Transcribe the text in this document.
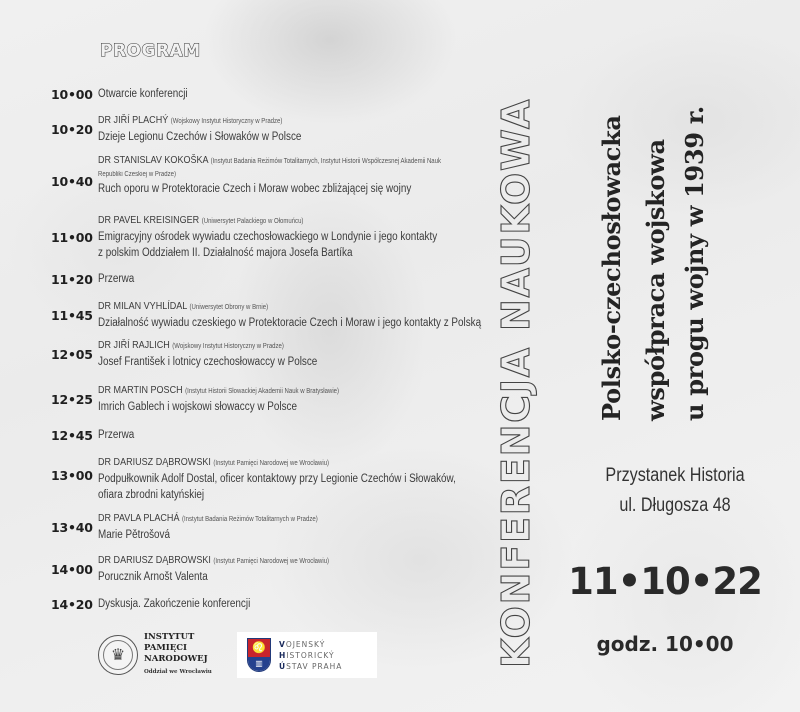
PROGRAM
10•00 Otwarcie konferencji
10•20
DR JIŘÍ PLACHÝ (Wojskowy Instytut Historyczny w Pradze)
Dzieje Legionu Czechów i Słowaków w Polsce
10•40
DR STANISLAV KOKOŠKA (Instytut Badania Reżimów Totalitarnych, Instytut Historii Współczesnej Akademii Nauk
Republiki Czeskiej w Pradze)
Ruch oporu w Protektoracie Czech i Moraw wobec zbliżającej się wojny
11•00
DR PAVEL KREISINGER (Uniwersytet Palackiego w Ołomuńcu)
Emigracyjny ośrodek wywiadu czechosłowackiego w Londynie i jego kontakty
z polskim Oddziałem II. Działalność majora Josefa Bartíka
11•20 Przerwa
11•45
DR MILAN VYHLÍDAL (Uniwersytet Obrony w Brnie)
Działalność wywiadu czeskiego w Protektoracie Czech i Moraw i jego kontakty z Polską
12•05
DR JIŘÍ RAJLICH (Wojskowy Instytut Historyczny w Pradze)
Josef František i lotnicy czechosłowaccy w Polsce
12•25
DR MARTIN POSCH (Instytut Historii Słowackiej Akademii Nauk w Bratysławie)
Imrich Gablech i wojskowi słowaccy w Polsce
12•45 Przerwa
13•00
DR DARIUSZ DĄBROWSKI (Instytut Pamięci Narodowej we Wrocławiu)
Podpułkownik Adolf Dostal, oficer kontaktowy przy Legionie Czechów i Słowaków,
ofiara zbrodni katyńskiej
13•40
DR PAVLA PLACHÁ (Instytut Badania Reżimów Totalitarnych w Pradze)
Marie Pětrošová
14•00
DR DARIUSZ DĄBROWSKI (Instytut Pamięci Narodowej we Wrocławiu)
Porucznik Arnošt Valenta
14•20 Dyskusja. Zakończenie konferencji
♛
INSTYTUT
PAMIĘCI
NARODOWEJ
Oddział we Wrocławiu
♌
▥
VOJENSKÝ
HISTORICKÝ
ÚSTAV PRAHA	KONFERENCJA NAUKOWA Polsko-czechosłowacka współpraca wojskowa u progu wojny w 1939 r.
Przystanek Historia
ul. Długosza 48
11•10•22
godz. 10•00
